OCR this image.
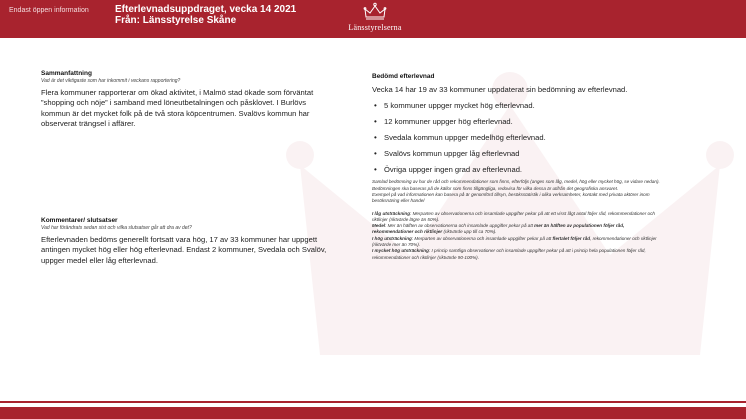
Endast öppen information	Efterlevnadsuppdraget, vecka 14 2021
Från: Länsstyrelse Skåne
Länsstyrelserna

Sammanfattning

Vad är det viktigaste som har inkommit i veckans rapportering?

Flera kommuner rapporterar om ökad aktivitet, i Malmö stad ökade som förväntat ”shopping och nöje” i samband med löneutbetalningen och påsklovet. I Burlövs kommun är det mycket folk på de två stora köpcentrumen. Svalövs kommun har observerat trängsel i affärer.

Kommentarer/ slutsatser

Vad har förändrats sedan sist och vilka slutsatser går att dra av det?

Efterlevnaden bedöms generellt fortsatt vara hög, 17 av 33 kommuner har uppgett antingen mycket hög eller hög efterlevnad. Endast 2 kommuner, Svedala och Svalöv, uppger medel eller låg efterlevnad.

Bedömd efterlevnad

Vecka 14 har 19 av 33 kommuner uppdaterat sin bedömning av efterlevnad.

• 5 kommuner uppger mycket hög efterlevnad.
• 12 kommuner uppger hög efterlevnad.
• Svedala kommun uppger medelhög efterlevnad.
• Svalövs kommun uppger låg efterlevnad
• Övriga uppger ingen grad av efterlevnad.

Samlad bedömning av hur de råd och rekommendationer som finns, efterföljs (anges som låg, medel, hög eller mycket hög, se vidare nedan).

Bedömningen ska baseras på de källor som finns tillgängliga, redovisa för vilka dessa är utifrån det geografiska ansvaret.

Exempel på vad informationen kan basera på är genomförd tillsyn, besöksstatistik i olika verksamheter, kontakt med privata aktörer inom besöksnäring eller handel

I låg utsträckning: Merparten av observationerna och insamlade uppgifter pekar på att ett visst lågt antal följer råd, rekommendationer och riktlinjer (riktvärde lägre än 50%).

Medel: Mer än hälften av observationerna och insamlade uppgifter pekar på att mer än hälften av populationen följer råd, rekommendationer och riktlinjer (riktvärde upp till ca 70%).

I hög utsträckning: Merparten av observationerna och insamlade uppgifter pekar på att flertalet följer råd, rekommendationer och riktlinjer (riktvärde mer än 70%).

I mycket hög utsträckning: I princip samtliga observationer och insamlade uppgifter pekar på att i princip hela populationen följer råd, rekommendationer och riktlinjer (riktvärde 90-100%).
